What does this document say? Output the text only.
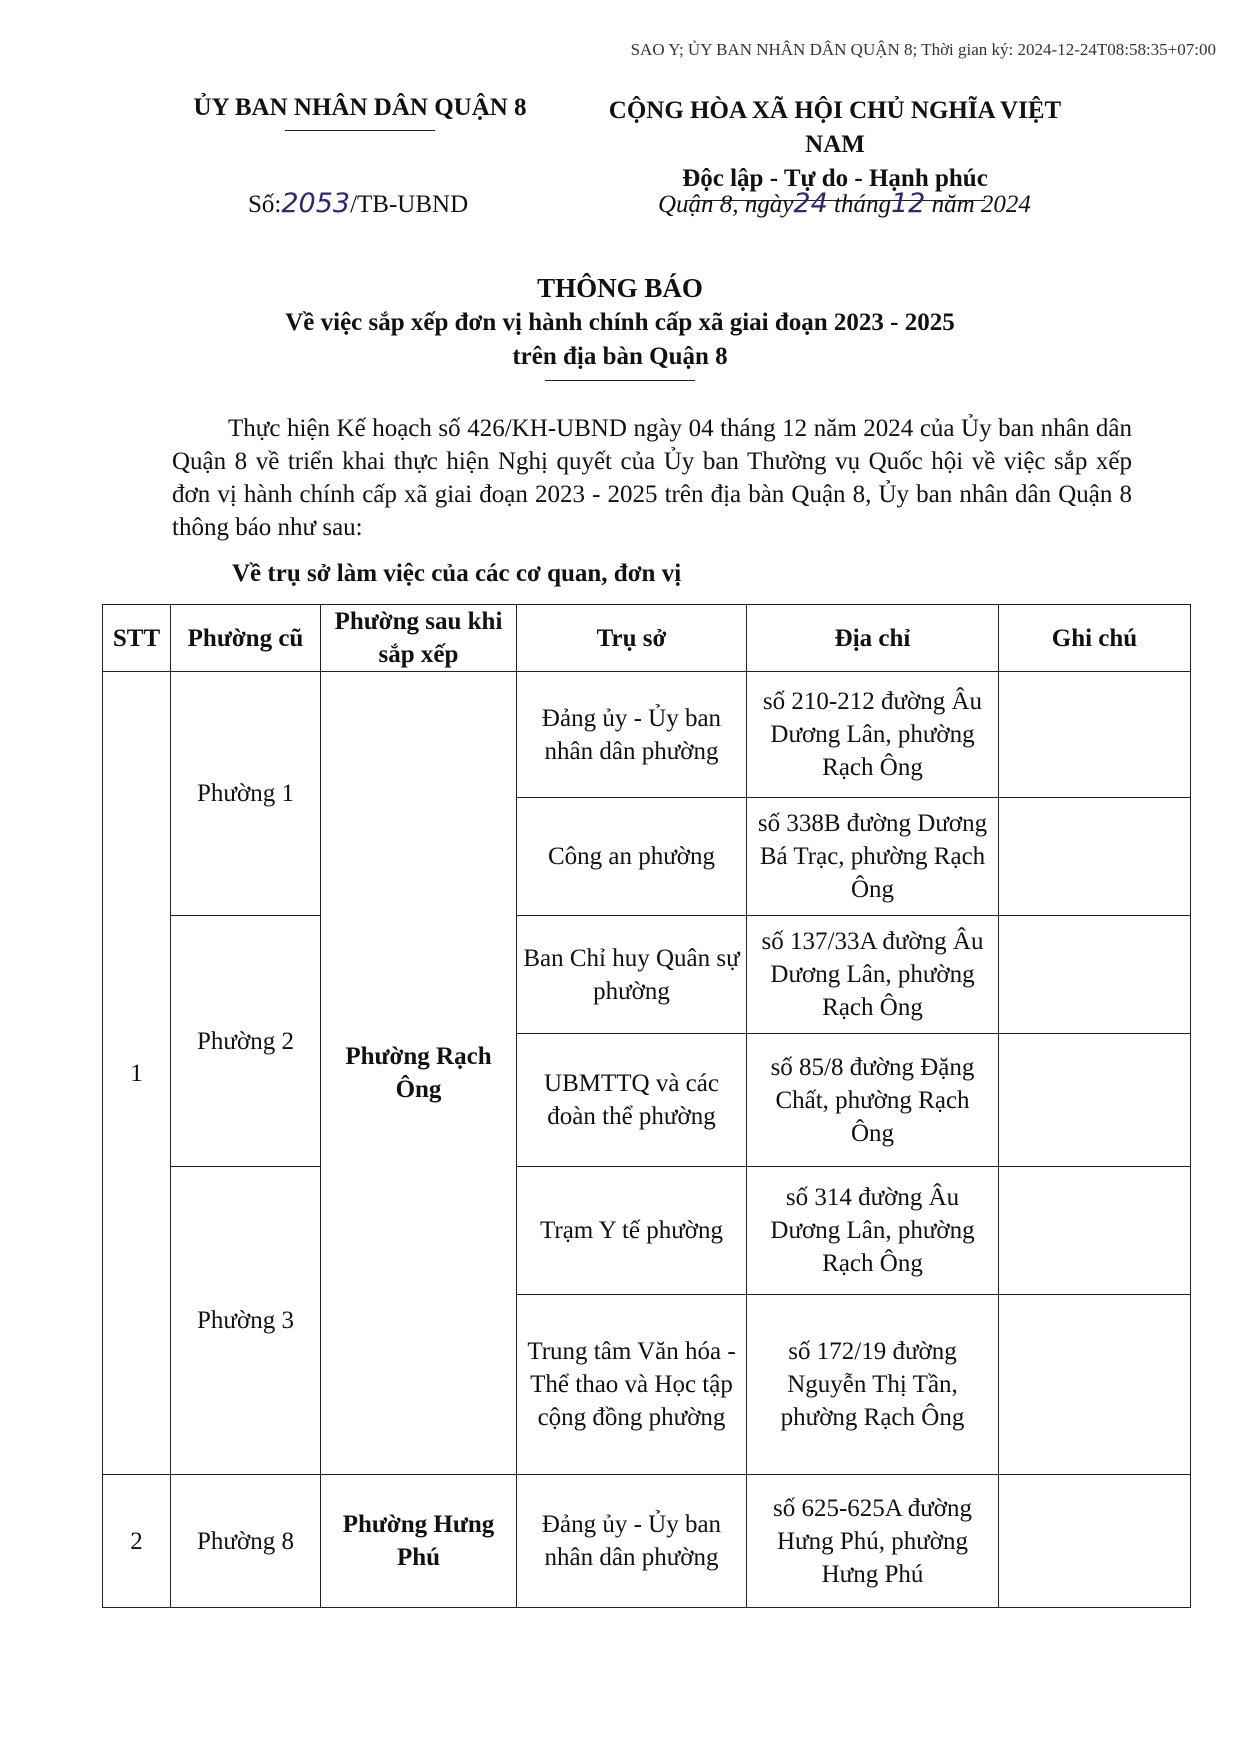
SAO Y; ỦY BAN NHÂN DÂN QUẬN 8; Thời gian ký: 2024-12-24T08:58:35+07:00
ỦY BAN NHÂN DÂN QUẬN 8	CỘNG HÒA XÃ HỘI CHỦ NGHĨA VIỆT NAM
Độc lập - Tự do - Hạnh phúc
Số:2053/TB-UBND	Quận 8, ngày24 tháng12 năm 2024
THÔNG BÁO
Về việc sắp xếp đơn vị hành chính cấp xã giai đoạn 2023 - 2025
trên địa bàn Quận 8

Thực hiện Kế hoạch số 426/KH-UBND ngày 04 tháng 12 năm 2024 của Ủy ban nhân dân Quận 8 về triển khai thực hiện Nghị quyết của Ủy ban Thường vụ Quốc hội về việc sắp xếp đơn vị hành chính cấp xã giai đoạn 2023 - 2025 trên địa bàn Quận 8, Ủy ban nhân dân Quận 8 thông báo như sau:

Về trụ sở làm việc của các cơ quan, đơn vị
STT	Phường cũ	Phường sau khi sắp xếp	Trụ sở	Địa chỉ	Ghi chú
1	Phường 1	Phường Rạch Ông	Đảng ủy - Ủy ban nhân dân phường	số 210-212 đường Âu Dương Lân, phường Rạch Ông	
			Công an phường	số 338B đường Dương Bá Trạc, phường Rạch Ông	
	Phường 2		Ban Chỉ huy Quân sự phường	số 137/33A đường Âu Dương Lân, phường Rạch Ông	
			UBMTTQ và các đoàn thể phường	số 85/8 đường Đặng Chất, phường Rạch Ông	
	Phường 3		Trạm Y tế phường	số 314 đường Âu Dương Lân, phường Rạch Ông	
			Trung tâm Văn hóa - Thể thao và Học tập cộng đồng phường	số 172/19 đường Nguyễn Thị Tần, phường Rạch Ông	
2	Phường 8	Phường Hưng Phú	Đảng ủy - Ủy ban nhân dân phường	số 625-625A đường Hưng Phú, phường Hưng Phú	
